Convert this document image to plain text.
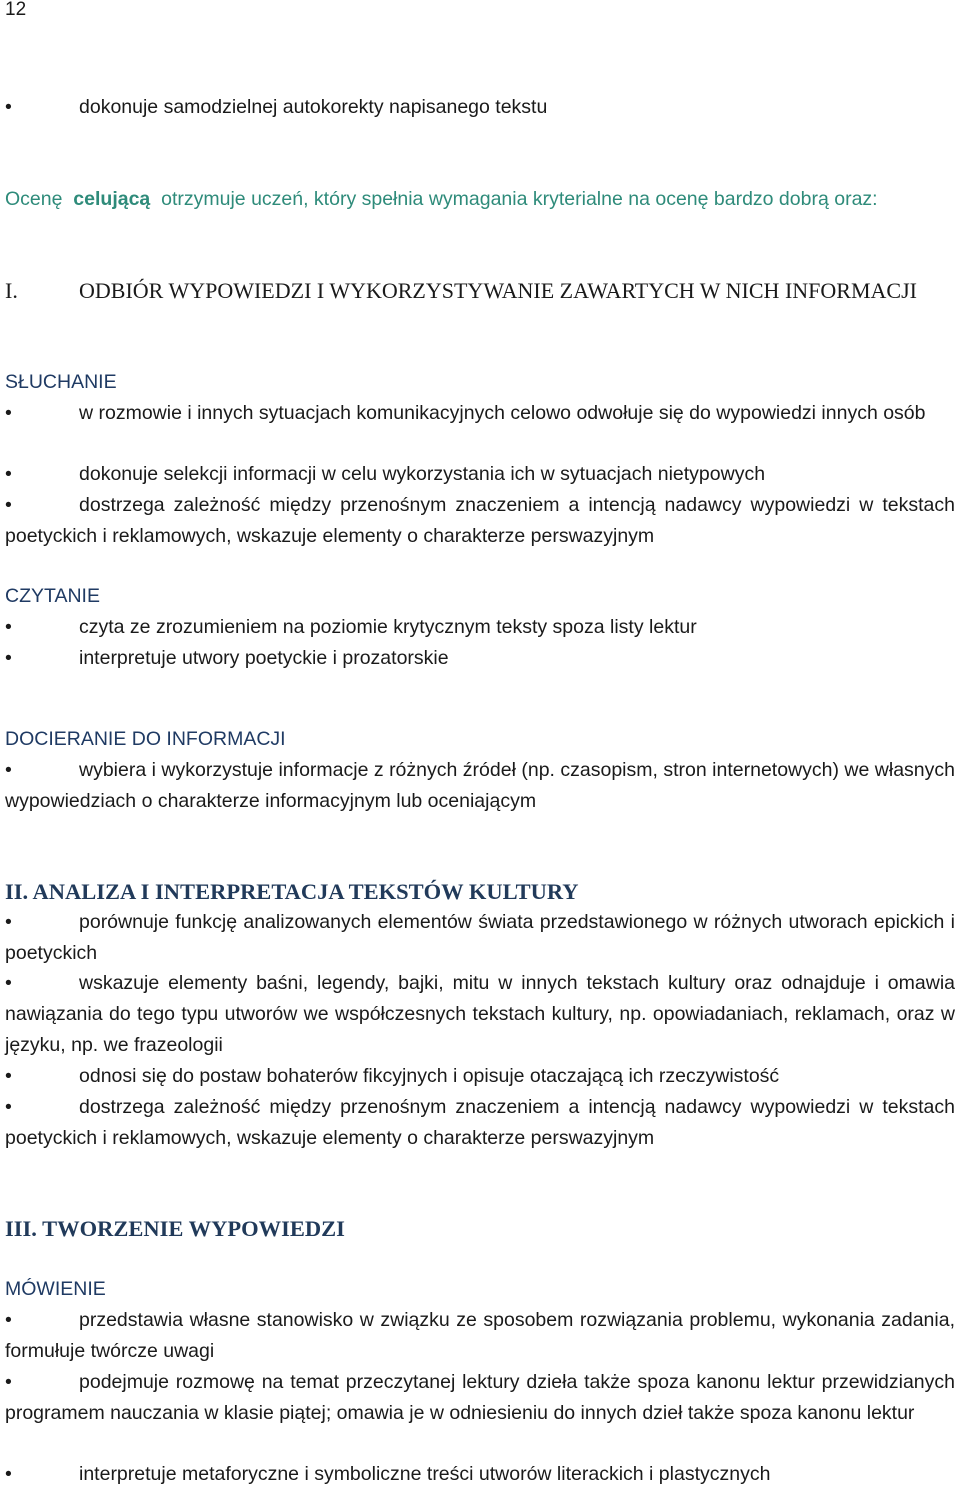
12

•	dokonuje samodzielnej autokorekty napisanego tekstu

Ocenę celującą otrzymuje uczeń, który spełnia wymagania kryterialne na ocenę bardzo dobrą oraz:

I.	ODBIÓR WYPOWIEDZI I WYKORZYSTYWANIE ZAWARTYCH W NICH INFORMACJI

SŁUCHANIE

•	w rozmowie i innych sytuacjach komunikacyjnych celowo odwołuje się do wypowiedzi innych osób

•	dokonuje selekcji informacji w celu wykorzystania ich w sytuacjach nietypowych

•	dostrzega zależność między przenośnym znaczeniem a intencją nadawcy wypowiedzi w tekstach poetyckich i reklamowych, wskazuje elementy o charakterze perswazyjnym

CZYTANIE

•	czyta ze zrozumieniem na poziomie krytycznym teksty spoza listy lektur

•	interpretuje utwory poetyckie i prozatorskie

DOCIERANIE DO INFORMACJI

•	wybiera i wykorzystuje informacje z różnych źródeł (np. czasopism, stron internetowych) we własnych wypowiedziach o charakterze informacyjnym lub oceniającym

II. ANALIZA I INTERPRETACJA TEKSTÓW KULTURY

•	porównuje funkcję analizowanych elementów świata przedstawionego w różnych utworach epickich i poetyckich

•	wskazuje elementy baśni, legendy, bajki, mitu w innych tekstach kultury oraz odnajduje i omawia nawiązania do tego typu utworów we współczesnych tekstach kultury, np. opowiadaniach, reklamach, oraz w języku, np. we frazeologii

•	odnosi się do postaw bohaterów fikcyjnych i opisuje otaczającą ich rzeczywistość

•	dostrzega zależność między przenośnym znaczeniem a intencją nadawcy wypowiedzi w tekstach poetyckich i reklamowych, wskazuje elementy o charakterze perswazyjnym

III. TWORZENIE WYPOWIEDZI

MÓWIENIE

•	przedstawia własne stanowisko w związku ze sposobem rozwiązania problemu, wykonania zadania, formułuje twórcze uwagi

•	podejmuje rozmowę na temat przeczytanej lektury dzieła także spoza kanonu lektur przewidzianych programem nauczania w klasie piątej; omawia je w odniesieniu do innych dzieł także spoza kanonu lektur

•	interpretuje metaforyczne i symboliczne treści utworów literackich i plastycznych
